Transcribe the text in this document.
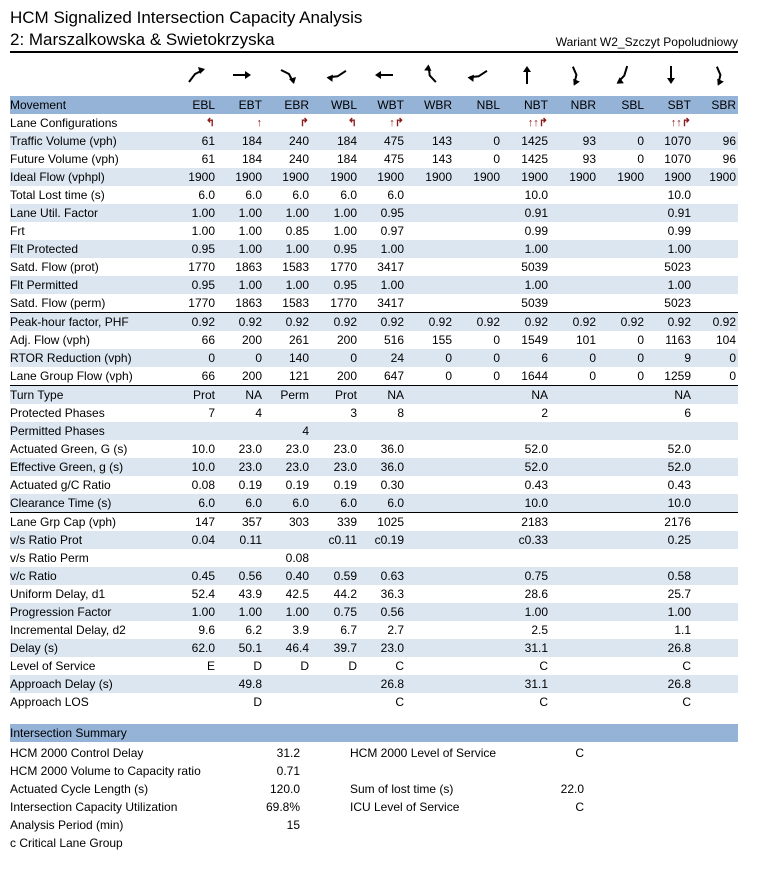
HCM Signalized Intersection Capacity Analysis
2: Marszalkowska & Swietokrzyska	Wariant W2_Szczyt Popoludniowy
Movement	EBL	EBT	EBR	WBL	WBT	WBR	NBL	NBT	NBR	SBL	SBT	SBR
Lane Configurations	↰	↑	↱	↰	↑↱			↑↑↱			↑↑↱	
Traffic Volume (vph)	61	184	240	184	475	143	0	1425	93	0	1070	96
Future Volume (vph)	61	184	240	184	475	143	0	1425	93	0	1070	96
Ideal Flow (vphpl)	1900	1900	1900	1900	1900	1900	1900	1900	1900	1900	1900	1900
Total Lost time (s)	6.0	6.0	6.0	6.0	6.0			10.0			10.0	
Lane Util. Factor	1.00	1.00	1.00	1.00	0.95			0.91			0.91	
Frt	1.00	1.00	0.85	1.00	0.97			0.99			0.99	
Flt Protected	0.95	1.00	1.00	0.95	1.00			1.00			1.00	
Satd. Flow (prot)	1770	1863	1583	1770	3417			5039			5023	
Flt Permitted	0.95	1.00	1.00	0.95	1.00			1.00			1.00	
Satd. Flow (perm)	1770	1863	1583	1770	3417			5039			5023	
Peak-hour factor, PHF	0.92	0.92	0.92	0.92	0.92	0.92	0.92	0.92	0.92	0.92	0.92	0.92
Adj. Flow (vph)	66	200	261	200	516	155	0	1549	101	0	1163	104
RTOR Reduction (vph)	0	0	140	0	24	0	0	6	0	0	9	0
Lane Group Flow (vph)	66	200	121	200	647	0	0	1644	0	0	1259	0
Turn Type	Prot	NA	Perm	Prot	NA			NA			NA	
Protected Phases	7	4		3	8			2			6	
Permitted Phases			4									
Actuated Green, G (s)	10.0	23.0	23.0	23.0	36.0			52.0			52.0	
Effective Green, g (s)	10.0	23.0	23.0	23.0	36.0			52.0			52.0	
Actuated g/C Ratio	0.08	0.19	0.19	0.19	0.30			0.43			0.43	
Clearance Time (s)	6.0	6.0	6.0	6.0	6.0			10.0			10.0	
Lane Grp Cap (vph)	147	357	303	339	1025			2183			2176	
v/s Ratio Prot	0.04	0.11		c0.11	c0.19			c0.33			0.25	
v/s Ratio Perm			0.08									
v/c Ratio	0.45	0.56	0.40	0.59	0.63			0.75			0.58	
Uniform Delay, d1	52.4	43.9	42.5	44.2	36.3			28.6			25.7	
Progression Factor	1.00	1.00	1.00	0.75	0.56			1.00			1.00	
Incremental Delay, d2	9.6	6.2	3.9	6.7	2.7			2.5			1.1	
Delay (s)	62.0	50.1	46.4	39.7	23.0			31.1			26.8	
Level of Service	E	D	D	D	C			C			C	
Approach Delay (s)		49.8			26.8			31.1			26.8	
Approach LOS		D			C			C			C	
Intersection Summary
HCM 2000 Control Delay	31.2		HCM 2000 Level of Service	C	
HCM 2000 Volume to Capacity ratio	0.71				
Actuated Cycle Length (s)	120.0		Sum of lost time (s)	22.0	
Intersection Capacity Utilization	69.8%		ICU Level of Service	C	
Analysis Period (min)	15				
c Critical Lane Group					
